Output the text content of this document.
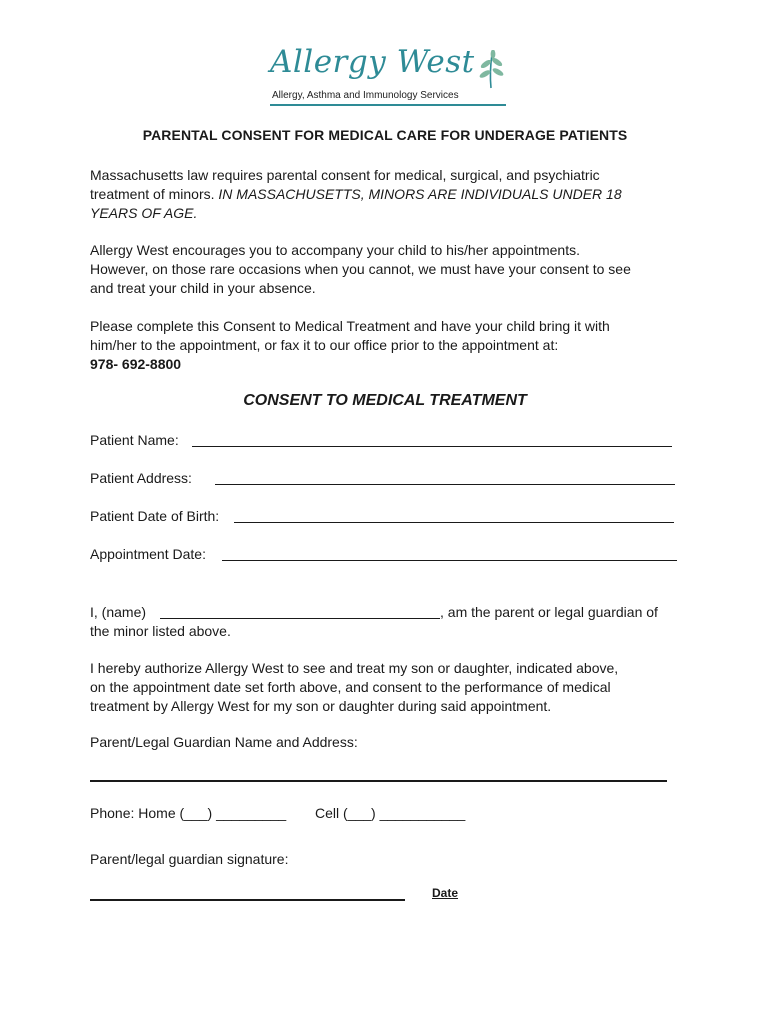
Allergy West
Allergy, Asthma and Immunology Services
PARENTAL CONSENT FOR MEDICAL CARE FOR UNDERAGE PATIENTS
Massachusetts law requires parental consent for medical, surgical, and psychiatric
treatment of minors. IN MASSACHUSETTS, MINORS ARE INDIVIDUALS UNDER 18
YEARS OF AGE.
Allergy West encourages you to accompany your child to his/her appointments.
However, on those rare occasions when you cannot, we must have your consent to see
and treat your child in your absence.
Please complete this Consent to Medical Treatment and have your child bring it with
him/her to the appointment, or fax it to our office prior to the appointment at:
978- 692-8800
CONSENT TO MEDICAL TREATMENT
Patient Name:
Patient Address:
Patient Date of Birth:
Appointment Date:
I, (name)	, am the parent or legal guardian of
the minor listed above.
I hereby authorize Allergy West to see and treat my son or daughter, indicated above,
on the appointment date set forth above, and consent to the performance of medical
treatment by Allergy West for my son or daughter during said appointment.
Parent/Legal Guardian Name and Address:
Phone: Home (___) _________ Cell (___) ___________
Parent/legal guardian signature:
Date
